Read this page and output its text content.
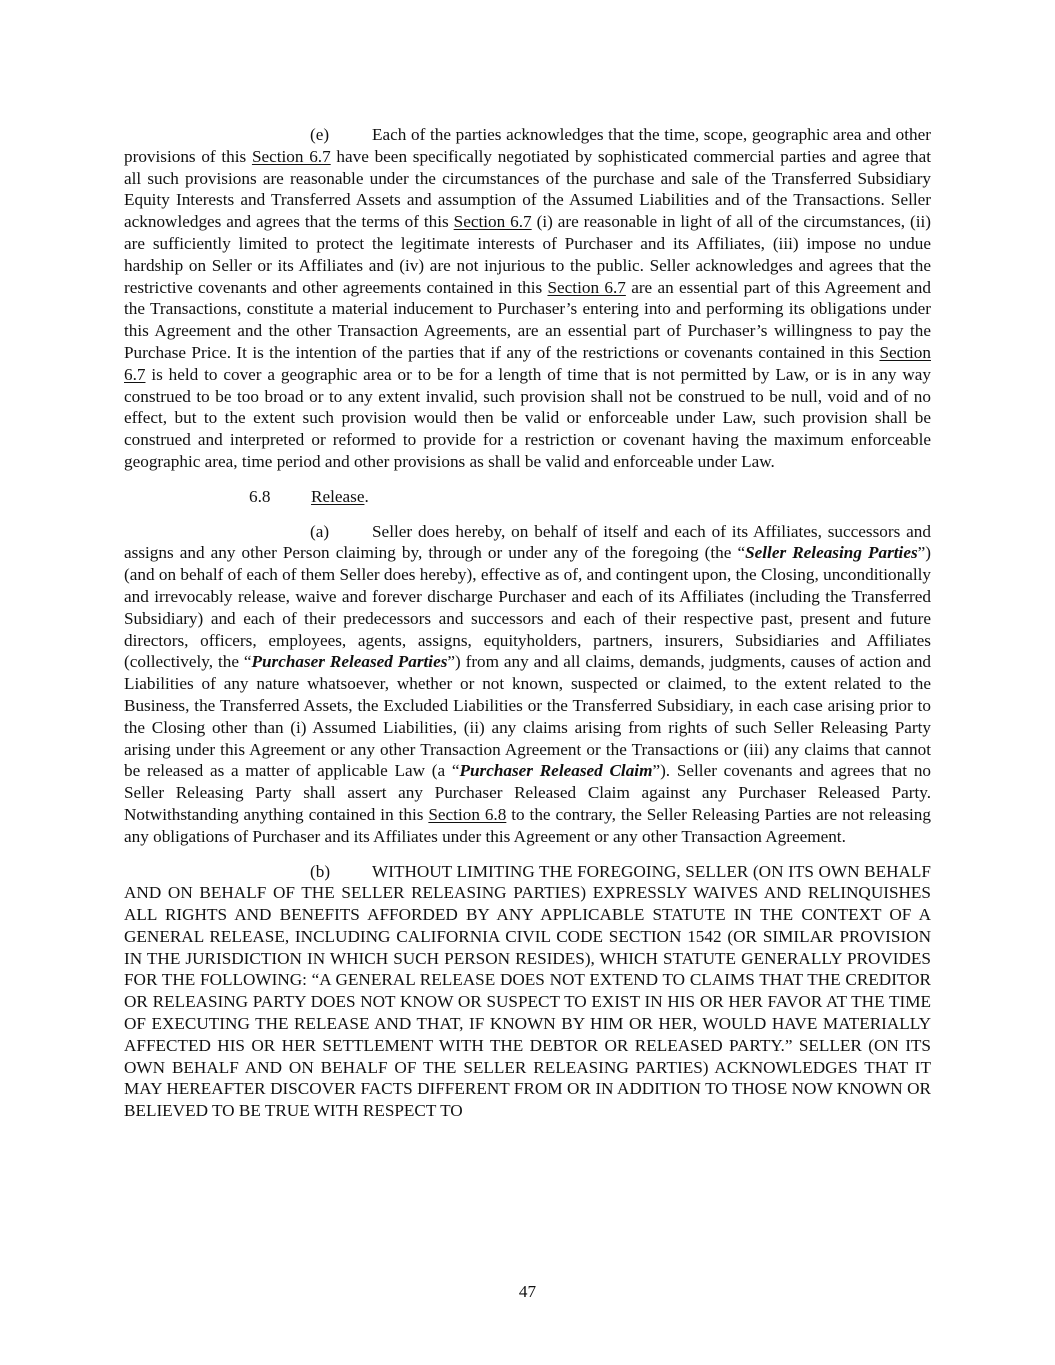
(e) Each of the parties acknowledges that the time, scope, geographic area and other provisions of this Section 6.7 have been specifically negotiated by sophisticated commercial parties and agree that all such provisions are reasonable under the circumstances of the purchase and sale of the Transferred Subsidiary Equity Interests and Transferred Assets and assumption of the Assumed Liabilities and of the Transactions. Seller acknowledges and agrees that the terms of this Section 6.7 (i) are reasonable in light of all of the circumstances, (ii) are sufficiently limited to protect the legitimate interests of Purchaser and its Affiliates, (iii) impose no undue hardship on Seller or its Affiliates and (iv) are not injurious to the public. Seller acknowledges and agrees that the restrictive covenants and other agreements contained in this Section 6.7 are an essential part of this Agreement and the Transactions, constitute a material inducement to Purchaser’s entering into and performing its obligations under this Agreement and the other Transaction Agreements, are an essential part of Purchaser’s willingness to pay the Purchase Price. It is the intention of the parties that if any of the restrictions or covenants contained in this Section 6.7 is held to cover a geographic area or to be for a length of time that is not permitted by Law, or is in any way construed to be too broad or to any extent invalid, such provision shall not be construed to be null, void and of no effect, but to the extent such provision would then be valid or enforceable under Law, such provision shall be construed and interpreted or reformed to provide for a restriction or covenant having the maximum enforceable geographic area, time period and other provisions as shall be valid and enforceable under Law.

6.8 Release.

(a) Seller does hereby, on behalf of itself and each of its Affiliates, successors and assigns and any other Person claiming by, through or under any of the foregoing (the “Seller Releasing Parties”) (and on behalf of each of them Seller does hereby), effective as of, and contingent upon, the Closing, unconditionally and irrevocably release, waive and forever discharge Purchaser and each of its Affiliates (including the Transferred Subsidiary) and each of their predecessors and successors and each of their respective past, present and future directors, officers, employees, agents, assigns, equityholders, partners, insurers, Subsidiaries and Affiliates (collectively, the “Purchaser Released Parties”) from any and all claims, demands, judgments, causes of action and Liabilities of any nature whatsoever, whether or not known, suspected or claimed, to the extent related to the Business, the Transferred Assets, the Excluded Liabilities or the Transferred Subsidiary, in each case arising prior to the Closing other than (i) Assumed Liabilities, (ii) any claims arising from rights of such Seller Releasing Party arising under this Agreement or any other Transaction Agreement or the Transactions or (iii) any claims that cannot be released as a matter of applicable Law (a “Purchaser Released Claim”). Seller covenants and agrees that no Seller Releasing Party shall assert any Purchaser Released Claim against any Purchaser Released Party. Notwithstanding anything contained in this Section 6.8 to the contrary, the Seller Releasing Parties are not releasing any obligations of Purchaser and its Affiliates under this Agreement or any other Transaction Agreement.

(b) WITHOUT LIMITING THE FOREGOING, SELLER (ON ITS OWN BEHALF AND ON BEHALF OF THE SELLER RELEASING PARTIES) EXPRESSLY WAIVES AND RELINQUISHES ALL RIGHTS AND BENEFITS AFFORDED BY ANY APPLICABLE STATUTE IN THE CONTEXT OF A GENERAL RELEASE, INCLUDING CALIFORNIA CIVIL CODE SECTION 1542 (OR SIMILAR PROVISION IN THE JURISDICTION IN WHICH SUCH PERSON RESIDES), WHICH STATUTE GENERALLY PROVIDES FOR THE FOLLOWING: “A GENERAL RELEASE DOES NOT EXTEND TO CLAIMS THAT THE CREDITOR OR RELEASING PARTY DOES NOT KNOW OR SUSPECT TO EXIST IN HIS OR HER FAVOR AT THE TIME OF EXECUTING THE RELEASE AND THAT, IF KNOWN BY HIM OR HER, WOULD HAVE MATERIALLY AFFECTED HIS OR HER SETTLEMENT WITH THE DEBTOR OR RELEASED PARTY.” SELLER (ON ITS OWN BEHALF AND ON BEHALF OF THE SELLER RELEASING PARTIES) ACKNOWLEDGES THAT IT MAY HEREAFTER DISCOVER FACTS DIFFERENT FROM OR IN ADDITION TO THOSE NOW KNOWN OR BELIEVED TO BE TRUE WITH RESPECT TO

47
